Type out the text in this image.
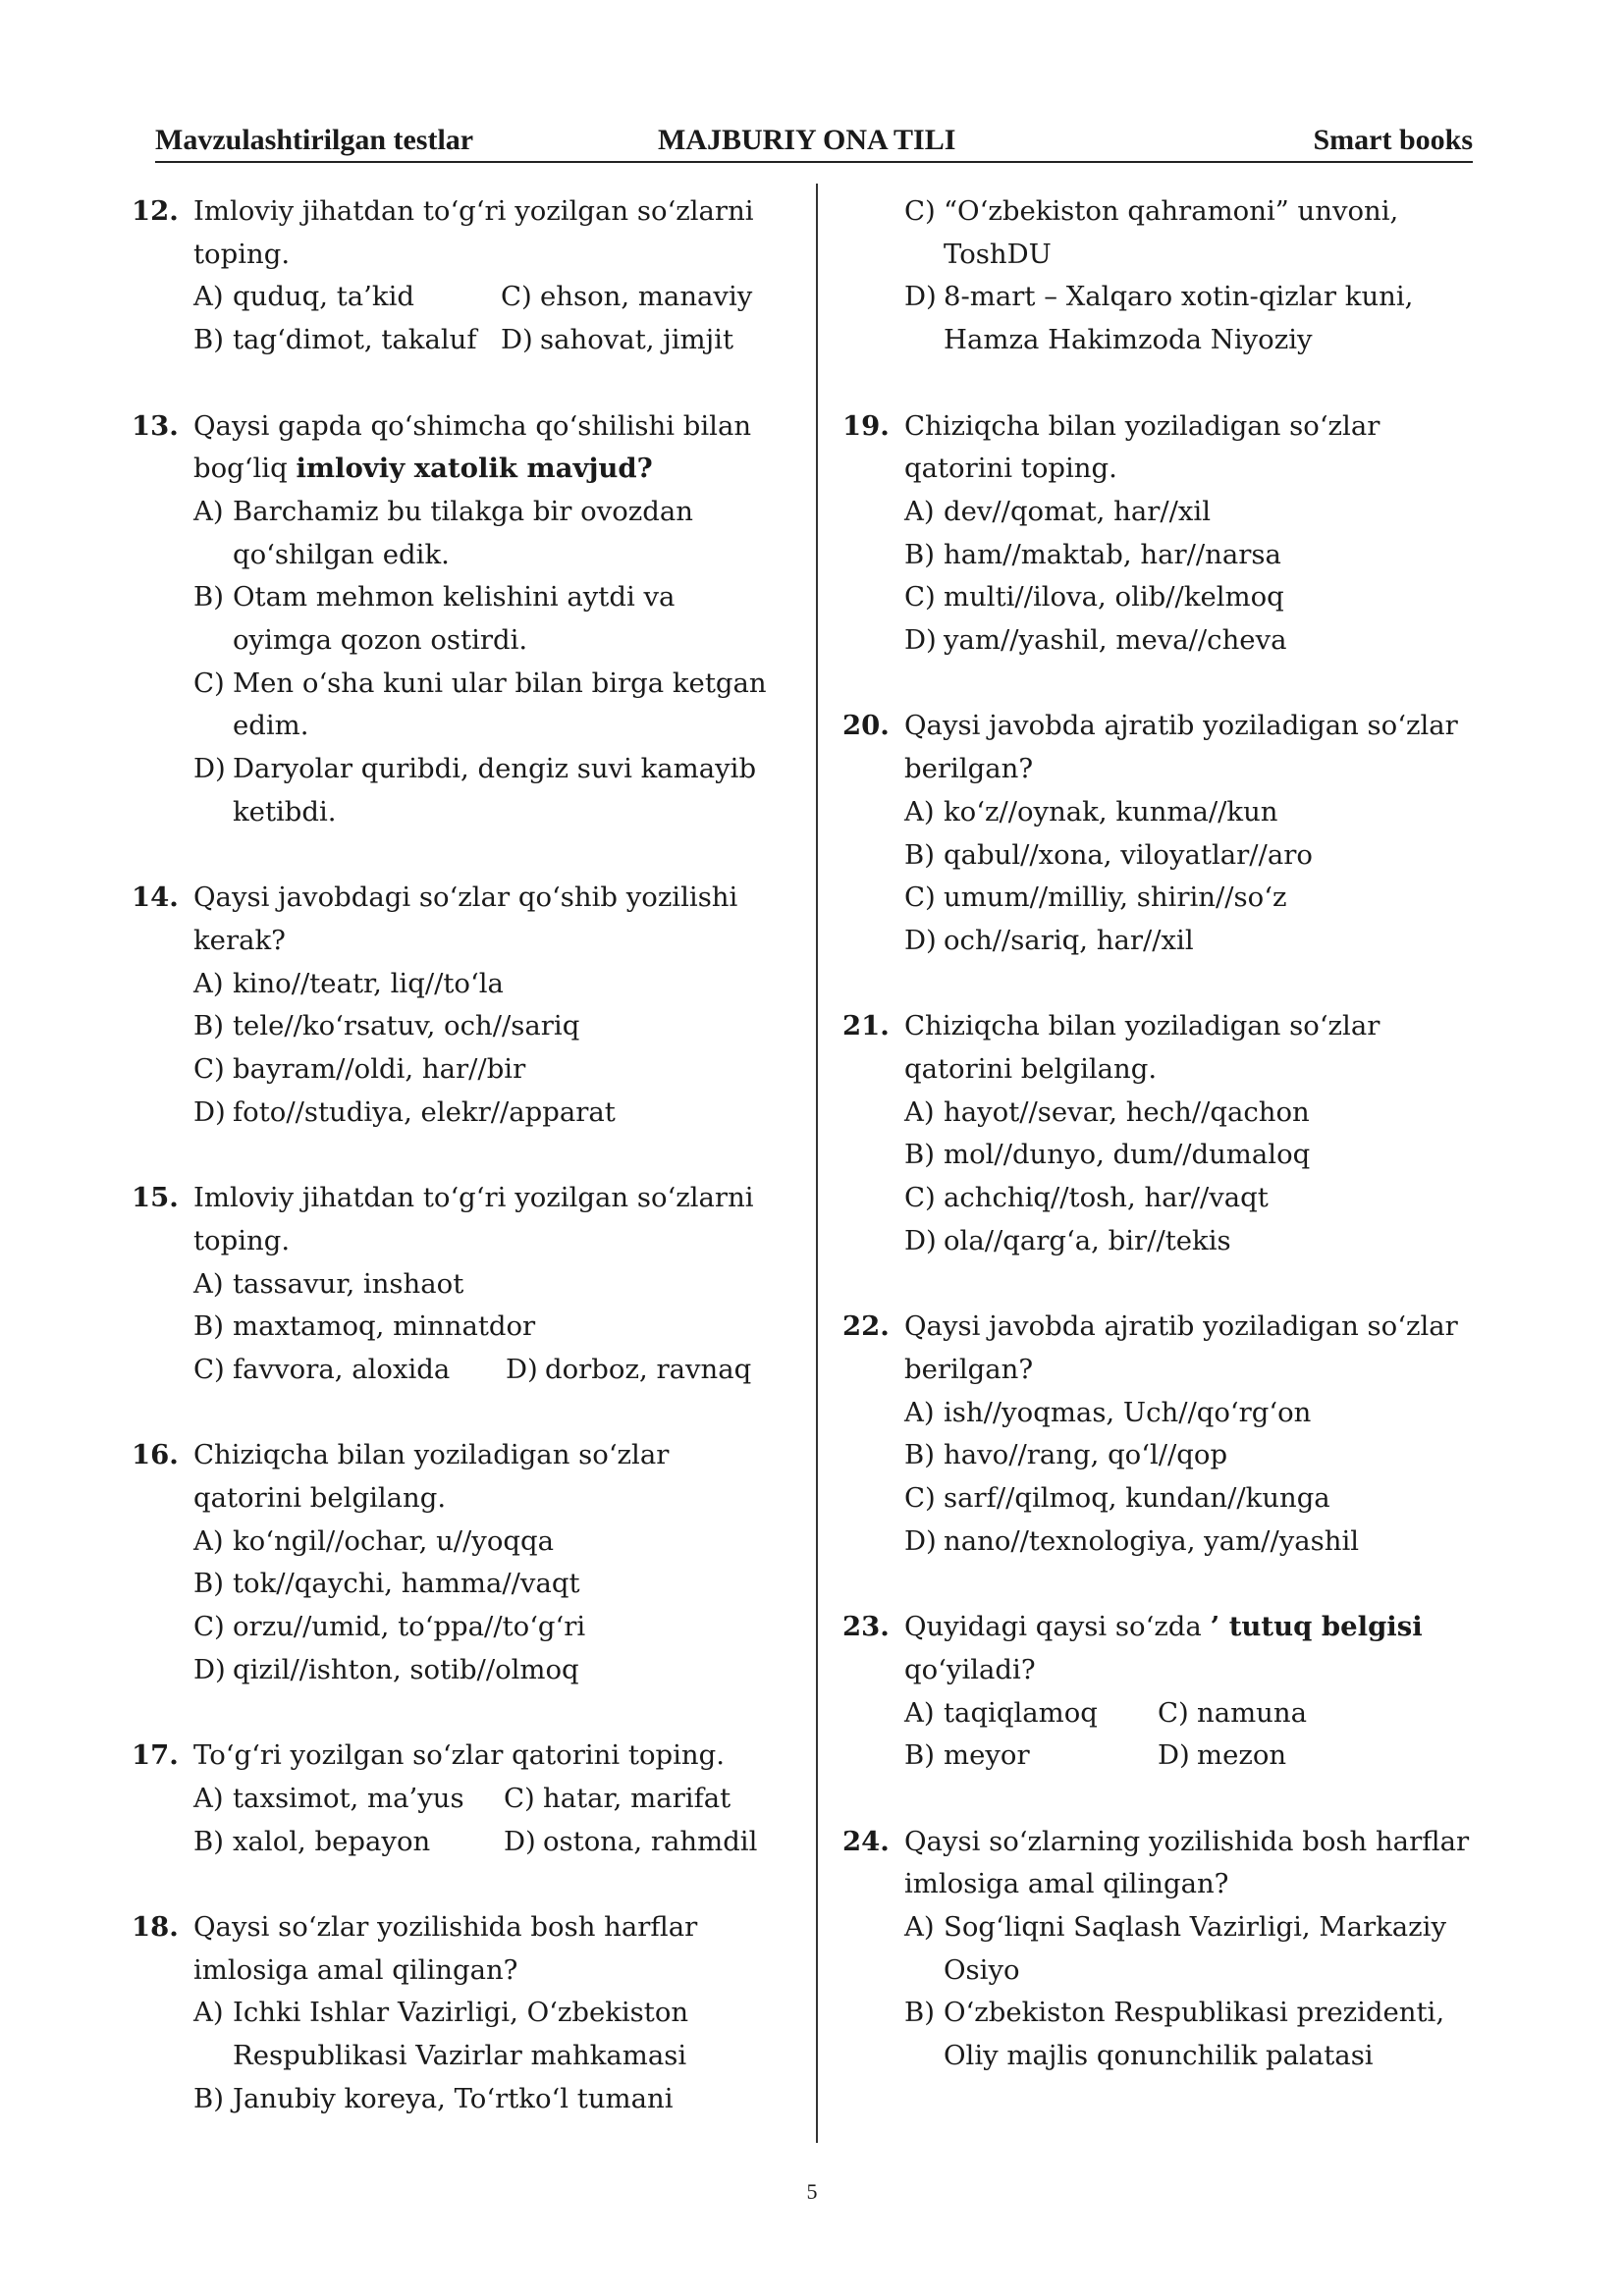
Mavzulashtirilgan testlar	MAJBURIY ONA TILI	Smart books
12. Imloviy jihatdan to‘g‘ri yozilgan so‘zlarni toping.
A) quduq, ta’kid	C) ehson, manaviy
B) tag‘dimot, takaluf D) sahovat, jimjit
13. Qaysi gapda qo‘shimcha qo‘shilishi bilan bog‘liq imloviy xatolik mavjud?
A) Barchamiz bu tilakga bir ovozdan qo‘shilgan edik.
B) Otam mehmon kelishini aytdi va oyimga qozon ostirdi.
C) Men o‘sha kuni ular bilan birga ketgan edim.
D) Daryolar quribdi, dengiz suvi kamayib ketibdi.
14. Qaysi javobdagi so‘zlar qo‘shib yozilishi kerak?
A) kino//teatr, liq//to‘la
B) tele//ko‘rsatuv, och//sariq
C) bayram//oldi, har//bir
D) foto//studiya, elekr//apparat
15. Imloviy jihatdan to‘g‘ri yozilgan so‘zlarni toping.
A) tassavur, inshaot
B) maxtamoq, minnatdor
C) favvora, aloxida D) dorboz, ravnaq
16. Chiziqcha bilan yoziladigan so‘zlar qatorini belgilang.
A) ko‘ngil//ochar, u//yoqqa
B) tok//qaychi, hamma//vaqt
C) orzu//umid, to‘ppa//to‘g‘ri
D) qizil//ishton, sotib//olmoq
17. To‘g‘ri yozilgan so‘zlar qatorini toping.
A) taxsimot, ma’yus C) hatar, marifat
B) xalol, bepayon	D) ostona, rahmdil
18. Qaysi so‘zlar yozilishida bosh harflar imlosiga amal qilingan?
A) Ichki Ishlar Vazirligi, O‘zbekiston Respublikasi Vazirlar mahkamasi
B) Janubiy koreya, To‘rtko‘l tumani
C) “O‘zbekiston qahramoni” unvoni, ToshDU
D) 8-mart – Xalqaro xotin-qizlar kuni, Hamza Hakimzoda Niyoziy
19. Chiziqcha bilan yoziladigan so‘zlar qatorini toping.
A) dev//qomat, har//xil
B) ham//maktab, har//narsa
C) multi//ilova, olib//kelmoq
D) yam//yashil, meva//cheva
20. Qaysi javobda ajratib yoziladigan so‘zlar berilgan?
A) ko‘z//oynak, kunma//kun
B) qabul//xona, viloyatlar//aro
C) umum//milliy, shirin//so‘z
D) och//sariq, har//xil
21. Chiziqcha bilan yoziladigan so‘zlar qatorini belgilang.
A) hayot//sevar, hech//qachon
B) mol//dunyo, dum//dumaloq
C) achchiq//tosh, har//vaqt
D) ola//qarg‘a, bir//tekis
22. Qaysi javobda ajratib yoziladigan so‘zlar berilgan?
A) ish//yoqmas, Uch//qo‘rg‘on
B) havo//rang, qo‘l//qop
C) sarf//qilmoq, kundan//kunga
D) nano//texnologiya, yam//yashil
23. Quyidagi qaysi so‘zda ’ tutuq belgisi qo‘yiladi?
A) taqiqlamoq C) namuna
B) meyor	D) mezon
24. Qaysi so‘zlarning yozilishida bosh harflar imlosiga amal qilingan?
A) Sog‘liqni Saqlash Vazirligi, Markaziy Osiyo
B) O‘zbekiston Respublikasi prezidenti, Oliy majlis qonunchilik palatasi
5
